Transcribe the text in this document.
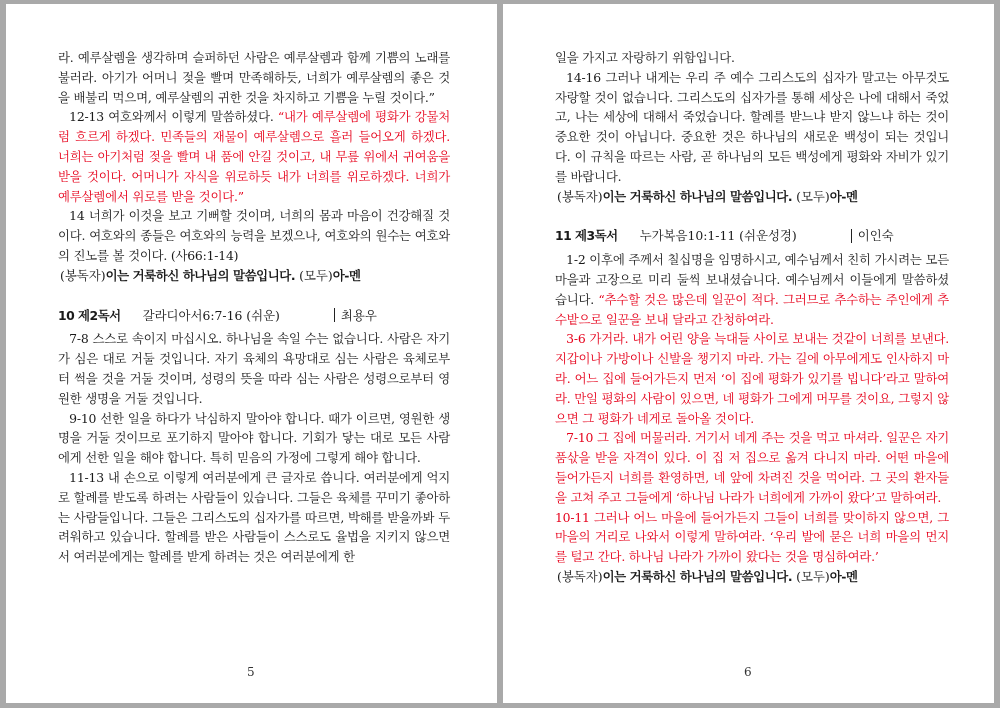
라. 예루살렘을 생각하며 슬퍼하던 사람은 예루살렘과 함께 기쁨의 노래를 불러라. 아기가 어머니 젖을 빨며 만족해하듯, 너희가 예루살렘의 좋은 것을 배불리 먹으며, 예루살렘의 귀한 것을 차지하고 기쁨을 누릴 것이다.”

12-13 여호와께서 이렇게 말씀하셨다. “내가 예루살렘에 평화가 강물처럼 흐르게 하겠다. 민족들의 재물이 예루살렘으로 흘러 들어오게 하겠다. 너희는 아기처럼 젖을 빨며 내 품에 안길 것이고, 내 무릎 위에서 귀여움을 받을 것이다. 어머니가 자식을 위로하듯 내가 너희를 위로하겠다. 너희가 예루살렘에서 위로를 받을 것이다.”

14 너희가 이것을 보고 기뻐할 것이며, 너희의 몸과 마음이 건강해질 것이다. 여호와의 종들은 여호와의 능력을 보겠으나, 여호와의 원수는 여호와의 진노를 볼 것이다. (사66:1-14)

(봉독자)이는 거룩하신 하나님의 말씀입니다. (모두)아-멘

10 제2독서 갈라디아서6:7-16 (쉬운)	최용우

7-8 스스로 속이지 마십시오. 하나님을 속일 수는 없습니다. 사람은 자기가 심은 대로 거둘 것입니다. 자기 육체의 욕망대로 심는 사람은 육체로부터 썩을 것을 거둘 것이며, 성령의 뜻을 따라 심는 사람은 성령으로부터 영원한 생명을 거둘 것입니다.

9-10 선한 일을 하다가 낙심하지 말아야 합니다. 때가 이르면, 영원한 생명을 거둘 것이므로 포기하지 말아야 합니다. 기회가 닿는 대로 모든 사람에게 선한 일을 해야 합니다. 특히 믿음의 가정에 그렇게 해야 합니다.

11-13 내 손으로 이렇게 여러분에게 큰 글자로 씁니다. 여러분에게 억지로 할례를 받도록 하려는 사람들이 있습니다. 그들은 육체를 꾸미기 좋아하는 사람들입니다. 그들은 그리스도의 십자가를 따르면, 박해를 받을까봐 두려워하고 있습니다. 할례를 받은 사람들이 스스로도 율법을 지키지 않으면서 여러분에게는 할례를 받게 하려는 것은 여러분에게 한

5

일을 가지고 자랑하기 위함입니다.

14-16 그러나 내게는 우리 주 예수 그리스도의 십자가 말고는 아무것도 자랑할 것이 없습니다. 그리스도의 십자가를 통해 세상은 나에 대해서 죽었고, 나는 세상에 대해서 죽었습니다. 할례를 받느냐 받지 않느냐 하는 것이 중요한 것이 아닙니다. 중요한 것은 하나님의 새로운 백성이 되는 것입니다. 이 규칙을 따르는 사람, 곧 하나님의 모든 백성에게 평화와 자비가 있기를 바랍니다.

(봉독자)이는 거룩하신 하나님의 말씀입니다. (모두)아-멘

11 제3독서 누가복음10:1-11 (쉬운성경)	이인숙

1-2 이후에 주께서 칠십명을 임명하시고, 예수님께서 친히 가시려는 모든 마을과 고장으로 미리 둘씩 보내셨습니다. 예수님께서 이들에게 말씀하셨습니다. “추수할 것은 많은데 일꾼이 적다. 그러므로 추수하는 주인에게 추수밭으로 일꾼을 보내 달라고 간청하여라.

3-6 가거라. 내가 어린 양을 늑대들 사이로 보내는 것같이 너희를 보낸다. 지갑이나 가방이나 신발을 챙기지 마라. 가는 길에 아무에게도 인사하지 마라. 어느 집에 들어가든지 먼저 ‘이 집에 평화가 있기를 빕니다’라고 말하여라. 만일 평화의 사람이 있으면, 네 평화가 그에게 머무를 것이요, 그렇지 않으면 그 평화가 네게로 돌아올 것이다.

7-10 그 집에 머물러라. 거기서 네게 주는 것을 먹고 마셔라. 일꾼은 자기 품삯을 받을 자격이 있다. 이 집 저 집으로 옮겨 다니지 마라. 어떤 마을에 들어가든지 너희를 환영하면, 네 앞에 차려진 것을 먹어라. 그 곳의 환자들을 고쳐 주고 그들에게 ‘하나님 나라가 너희에게 가까이 왔다’고 말하여라.

10-11 그러나 어느 마을에 들어가든지 그들이 너희를 맞이하지 않으면, 그 마을의 거리로 나와서 이렇게 말하여라. ‘우리 발에 묻은 너희 마을의 먼지를 털고 간다. 하나님 나라가 가까이 왔다는 것을 명심하여라.’

(봉독자)이는 거룩하신 하나님의 말씀입니다. (모두)아-멘

6
